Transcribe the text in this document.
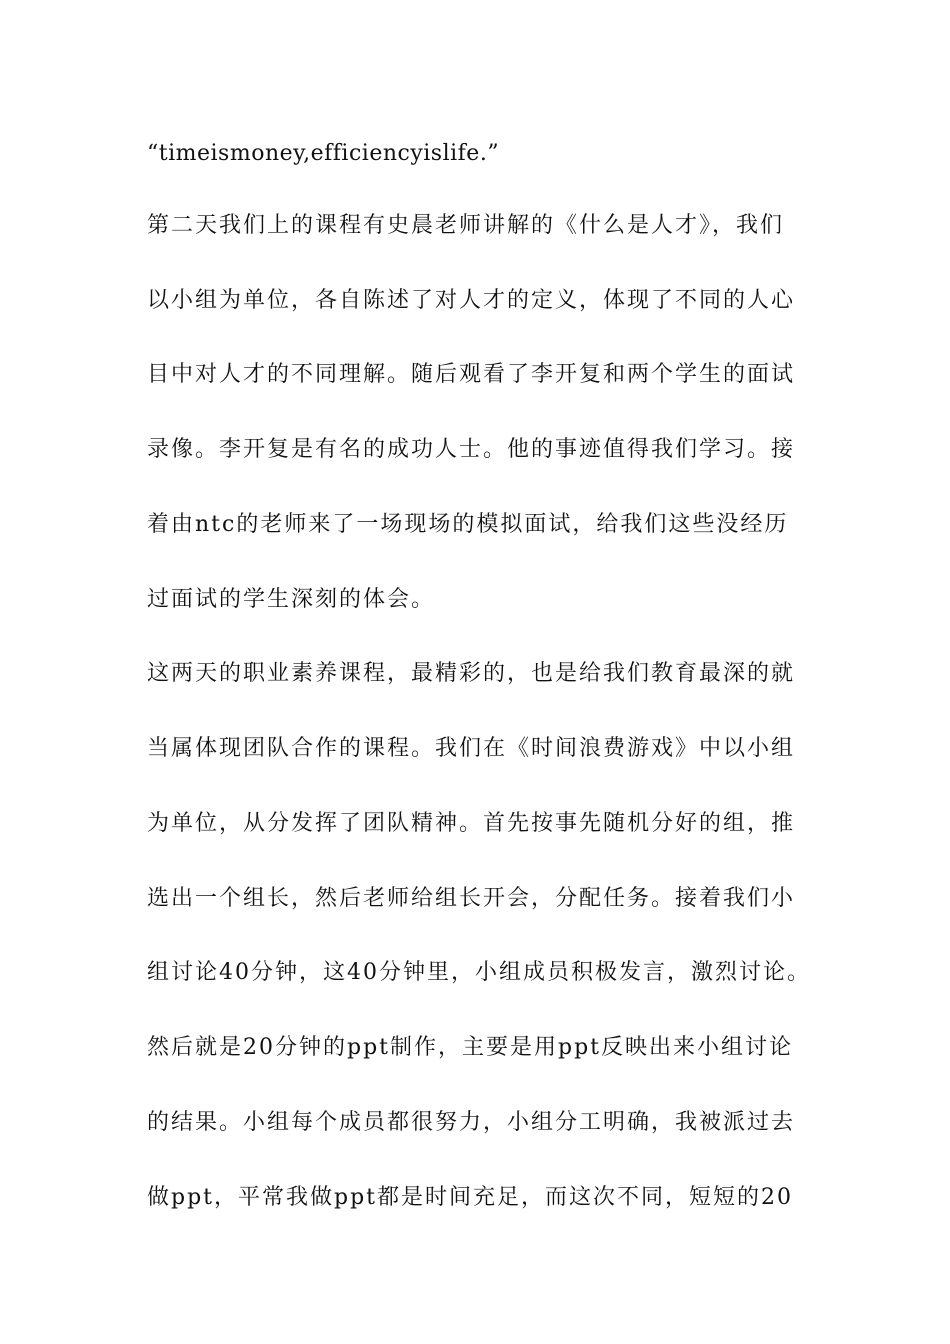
“timeismoney,efficiencyislife.”
第二天我们上的课程有史晨老师讲解的《什么是人才》，我们
以小组为单位，各自陈述了对人才的定义，体现了不同的人心
目中对人才的不同理解。随后观看了李开复和两个学生的面试
录像。李开复是有名的成功人士。他的事迹值得我们学习。接
着由ntc的老师来了一场现场的模拟面试，给我们这些没经历
过面试的学生深刻的体会。
这两天的职业素养课程，最精彩的，也是给我们教育最深的就
当属体现团队合作的课程。我们在《时间浪费游戏》中以小组
为单位，从分发挥了团队精神。首先按事先随机分好的组，推
选出一个组长，然后老师给组长开会，分配任务。接着我们小
组讨论40分钟，这40分钟里，小组成员积极发言，激烈讨论。
然后就是20分钟的ppt制作，主要是用ppt反映出来小组讨论
的结果。小组每个成员都很努力，小组分工明确，我被派过去
做ppt，平常我做ppt都是时间充足，而这次不同，短短的20
